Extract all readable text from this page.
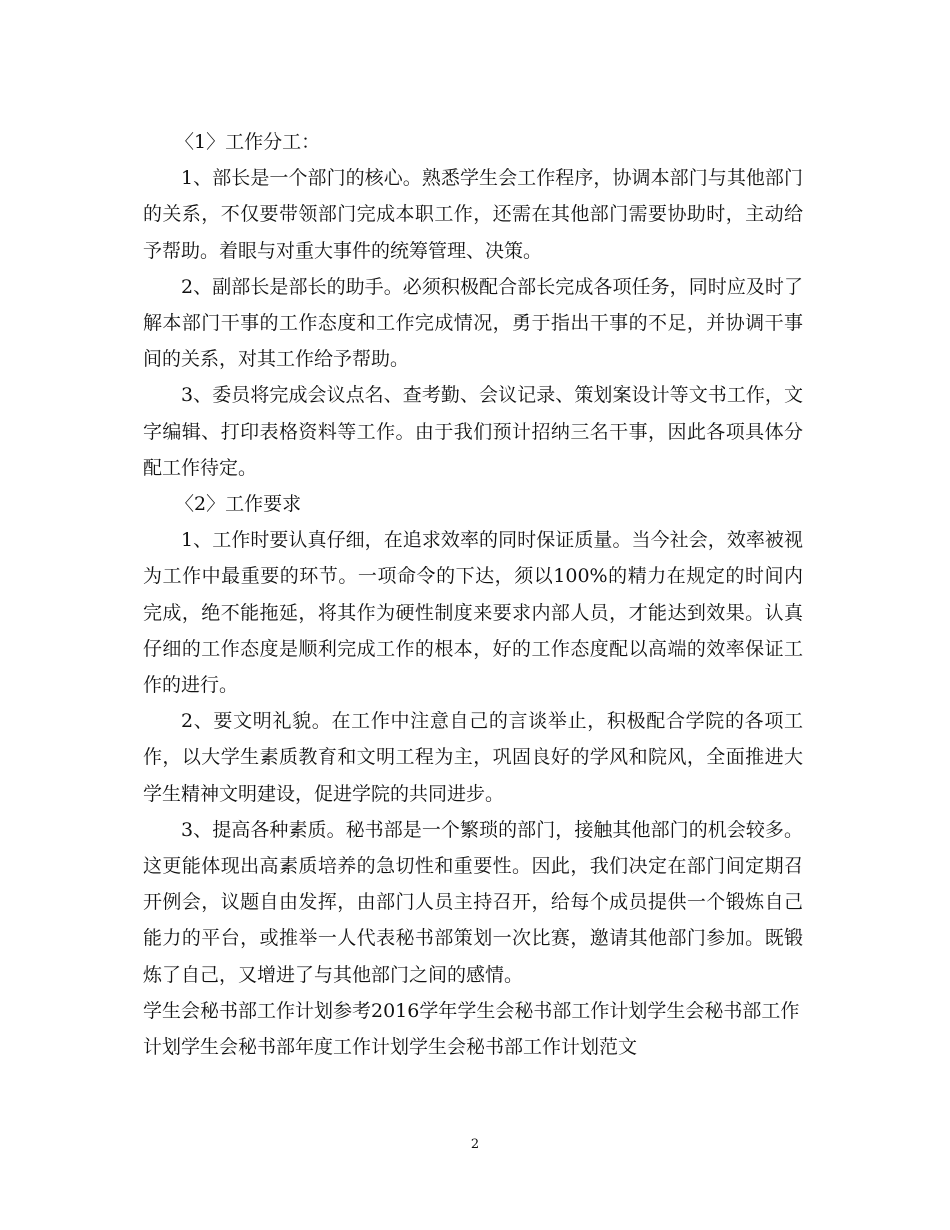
〈1〉工作分工：

1、部长是一个部门的核心。熟悉学生会工作程序，协调本部门与其他部门的关系，不仅要带领部门完成本职工作，还需在其他部门需要协助时，主动给予帮助。着眼与对重大事件的统筹管理、决策。

2、副部长是部长的助手。必须积极配合部长完成各项任务，同时应及时了解本部门干事的工作态度和工作完成情况，勇于指出干事的不足，并协调干事间的关系，对其工作给予帮助。

3、委员将完成会议点名、查考勤、会议记录、策划案设计等文书工作，文字编辑、打印表格资料等工作。由于我们预计招纳三名干事，因此各项具体分配工作待定。

〈2〉工作要求

1、工作时要认真仔细，在追求效率的同时保证质量。当今社会，效率被视为工作中最重要的环节。一项命令的下达，须以100%的精力在规定的时间内完成，绝不能拖延，将其作为硬性制度来要求内部人员，才能达到效果。认真仔细的工作态度是顺利完成工作的根本，好的工作态度配以高端的效率保证工作的进行。

2、要文明礼貌。在工作中注意自己的言谈举止，积极配合学院的各项工作，以大学生素质教育和文明工程为主，巩固良好的学风和院风，全面推进大学生精神文明建设，促进学院的共同进步。

3、提高各种素质。秘书部是一个繁琐的部门，接触其他部门的机会较多。这更能体现出高素质培养的急切性和重要性。因此，我们决定在部门间定期召开例会，议题自由发挥，由部门人员主持召开，给每个成员提供一个锻炼自己能力的平台，或推举一人代表秘书部策划一次比赛，邀请其他部门参加。既锻炼了自己，又增进了与其他部门之间的感情。

学生会秘书部工作计划参考2016学年学生会秘书部工作计划学生会秘书部工作计划学生会秘书部年度工作计划学生会秘书部工作计划范文

2
